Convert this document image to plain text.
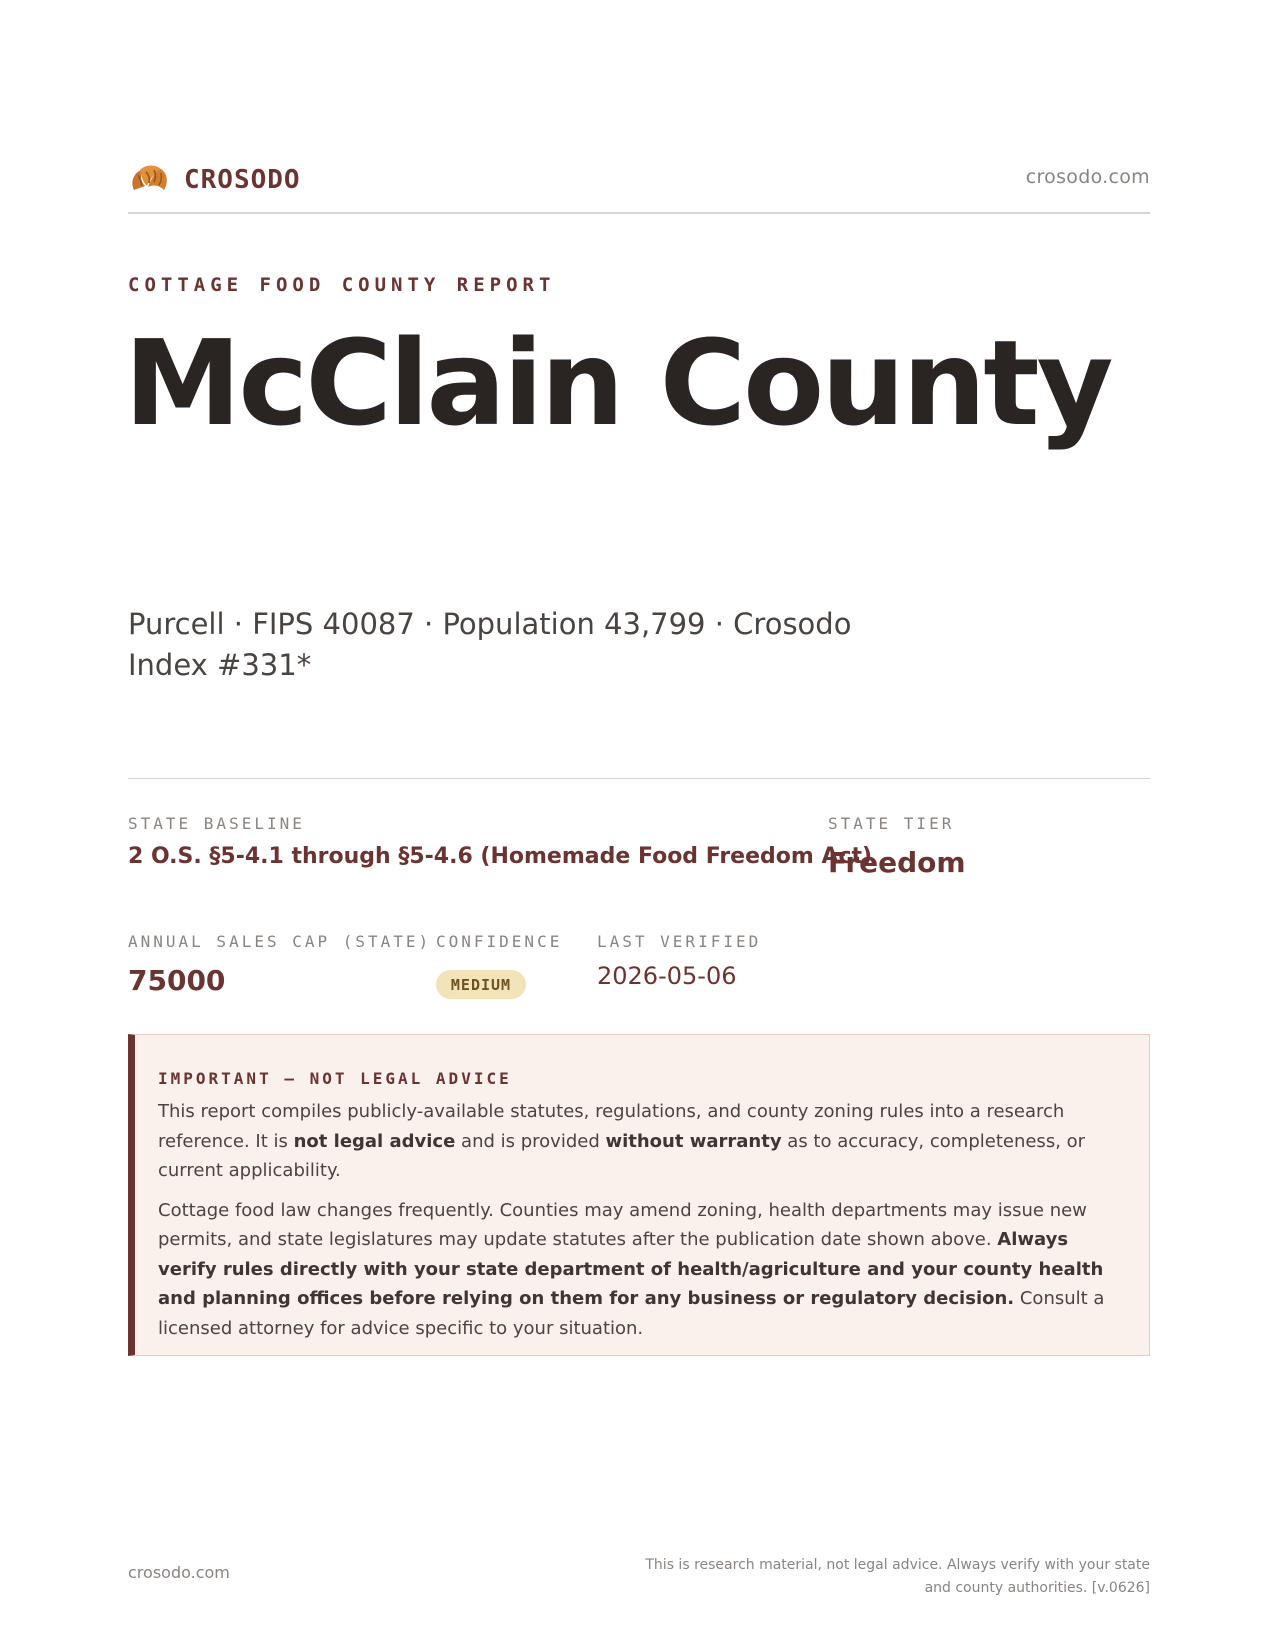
CROSODO	crosodo.com
COTTAGE FOOD COUNTY REPORT
McClain County
Purcell · FIPS 40087 · Population 43,799 · Crosodo Index #331*
STATE BASELINE
2 O.S. §5-4.1 through §5-4.6 (Homemade Food Freedom Act)
STATE TIER
Freedom
ANNUAL SALES CAP (STATE)
75000
CONFIDENCE
MEDIUM
LAST VERIFIED
2026-05-06
IMPORTANT — NOT LEGAL ADVICE

This report compiles publicly-available statutes, regulations, and county zoning rules into a research reference. It is not legal advice and is provided without warranty as to accuracy, completeness, or current applicability.

Cottage food law changes frequently. Counties may amend zoning, health departments may issue new permits, and state legislatures may update statutes after the publication date shown above. Always verify rules directly with your state department of health/agriculture and your county health and planning offices before relying on them for any business or regulatory decision. Consult a licensed attorney for advice specific to your situation.

crosodo.com	This is research material, not legal advice. Always verify with your state
and county authorities. [v.0626]
